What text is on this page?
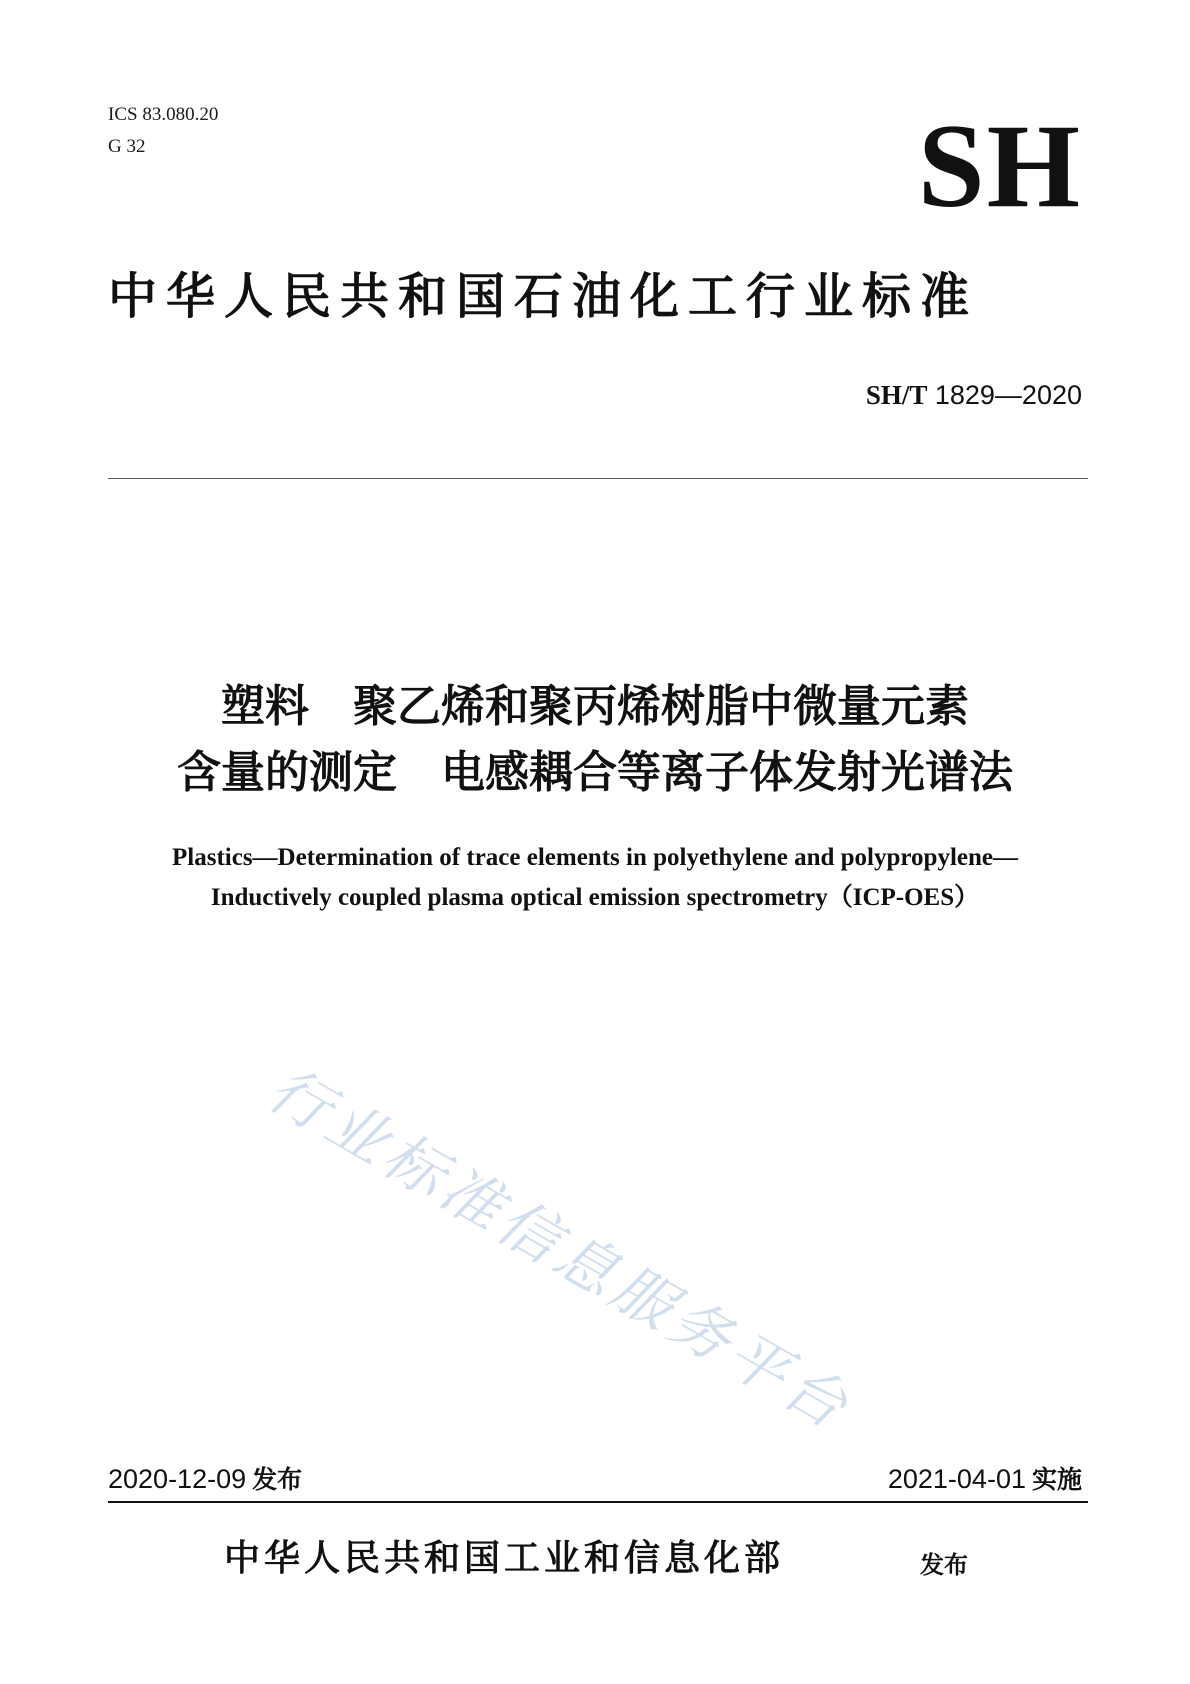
ICS 83.080.20
G 32	SH
中华人民共和国石油化工行业标准
SH/T 1829—2020
塑料　聚乙烯和聚丙烯树脂中微量元素
含量的测定　电感耦合等离子体发射光谱法
Plastics—Determination of trace elements in polyethylene and polypropylene—
Inductively coupled plasma optical emission spectrometry（ICP-OES）
行业标准信息服务平台
2020-12-09 发布	2021-04-01 实施
中华人民共和国工业和信息化部	发布
